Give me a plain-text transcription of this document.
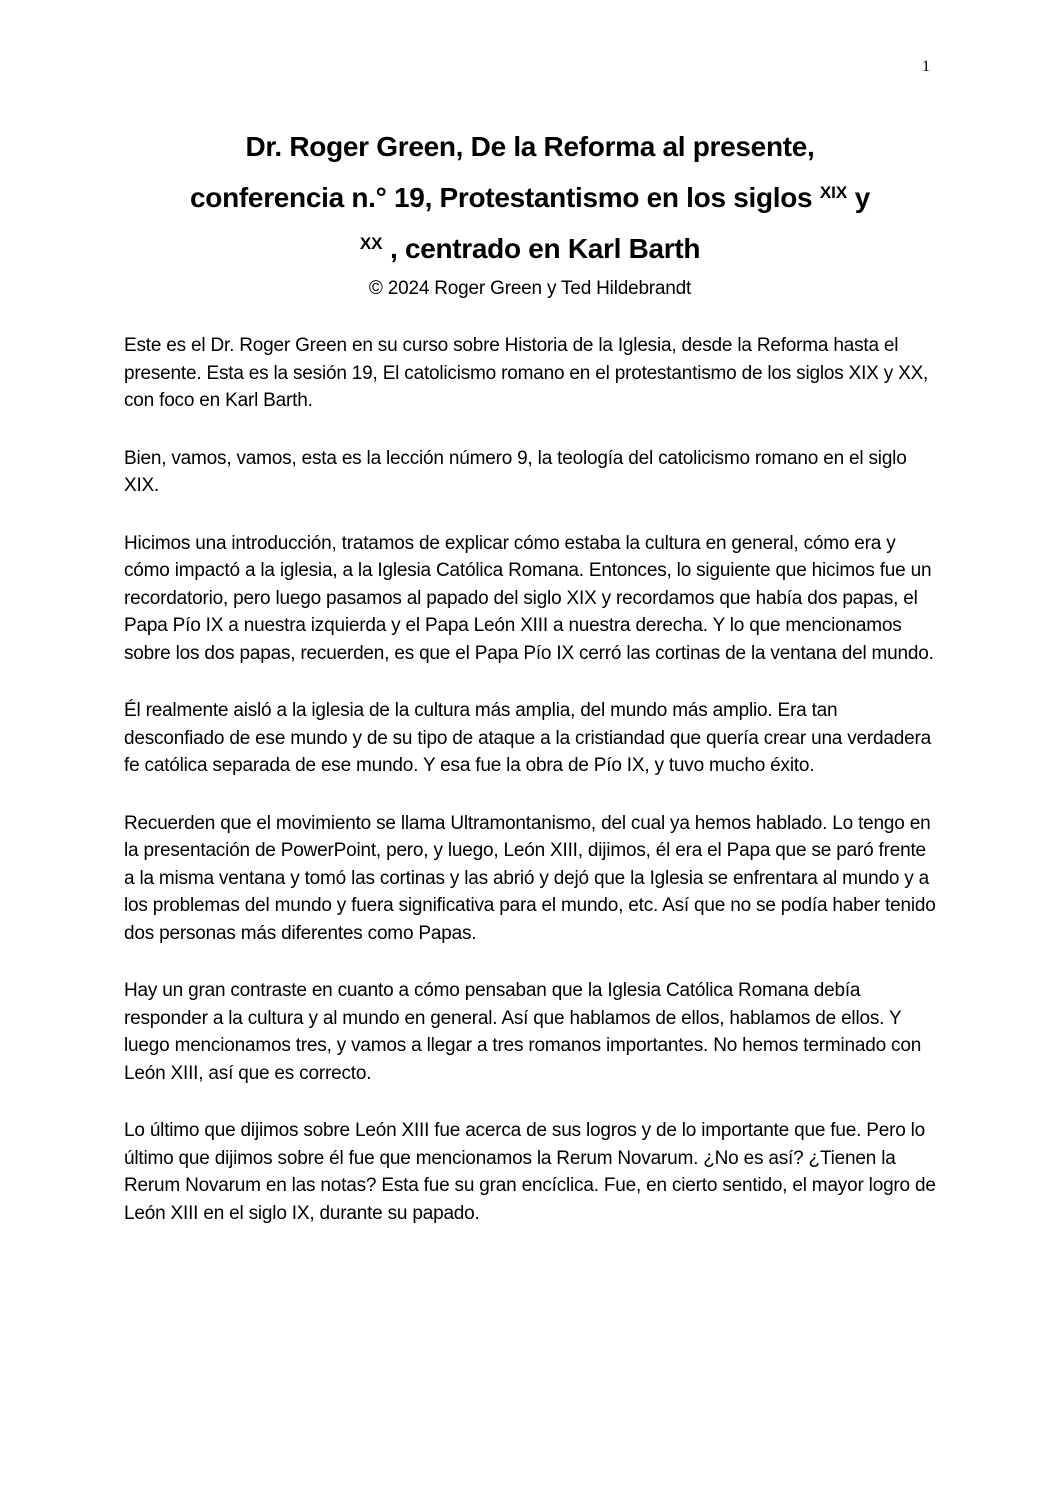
1
Dr. Roger Green, De la Reforma al presente,
conferencia n.° 19, Protestantismo en los siglos $^{XIX}$ y
$^{XX}$ , centrado en Karl Barth
© 2024 Roger Green y Ted Hildebrandt

Este es el Dr. Roger Green en su curso sobre Historia de la Iglesia, desde la Reforma hasta el presente. Esta es la sesión 19, El catolicismo romano en el protestantismo de los siglos XIX y XX, con foco en Karl Barth.

Bien, vamos, vamos, esta es la lección número 9, la teología del catolicismo romano en el siglo XIX.

Hicimos una introducción, tratamos de explicar cómo estaba la cultura en general, cómo era y cómo impactó a la iglesia, a la Iglesia Católica Romana. Entonces, lo siguiente que hicimos fue un recordatorio, pero luego pasamos al papado del siglo XIX y recordamos que había dos papas, el Papa Pío IX a nuestra izquierda y el Papa León XIII a nuestra derecha. Y lo que mencionamos sobre los dos papas, recuerden, es que el Papa Pío IX cerró las cortinas de la ventana del mundo.

Él realmente aisló a la iglesia de la cultura más amplia, del mundo más amplio. Era tan desconfiado de ese mundo y de su tipo de ataque a la cristiandad que quería crear una verdadera fe católica separada de ese mundo. Y esa fue la obra de Pío IX, y tuvo mucho éxito.

Recuerden que el movimiento se llama Ultramontanismo, del cual ya hemos hablado. Lo tengo en la presentación de PowerPoint, pero, y luego, León XIII, dijimos, él era el Papa que se paró frente a la misma ventana y tomó las cortinas y las abrió y dejó que la Iglesia se enfrentara al mundo y a los problemas del mundo y fuera significativa para el mundo, etc. Así que no se podía haber tenido dos personas más diferentes como Papas.

Hay un gran contraste en cuanto a cómo pensaban que la Iglesia Católica Romana debía responder a la cultura y al mundo en general. Así que hablamos de ellos, hablamos de ellos. Y luego mencionamos tres, y vamos a llegar a tres romanos importantes. No hemos terminado con León XIII, así que es correcto.

Lo último que dijimos sobre León XIII fue acerca de sus logros y de lo importante que fue. Pero lo último que dijimos sobre él fue que mencionamos la Rerum Novarum. ¿No es así? ¿Tienen la Rerum Novarum en las notas? Esta fue su gran encíclica. Fue, en cierto sentido, el mayor logro de León XIII en el siglo IX, durante su papado.
